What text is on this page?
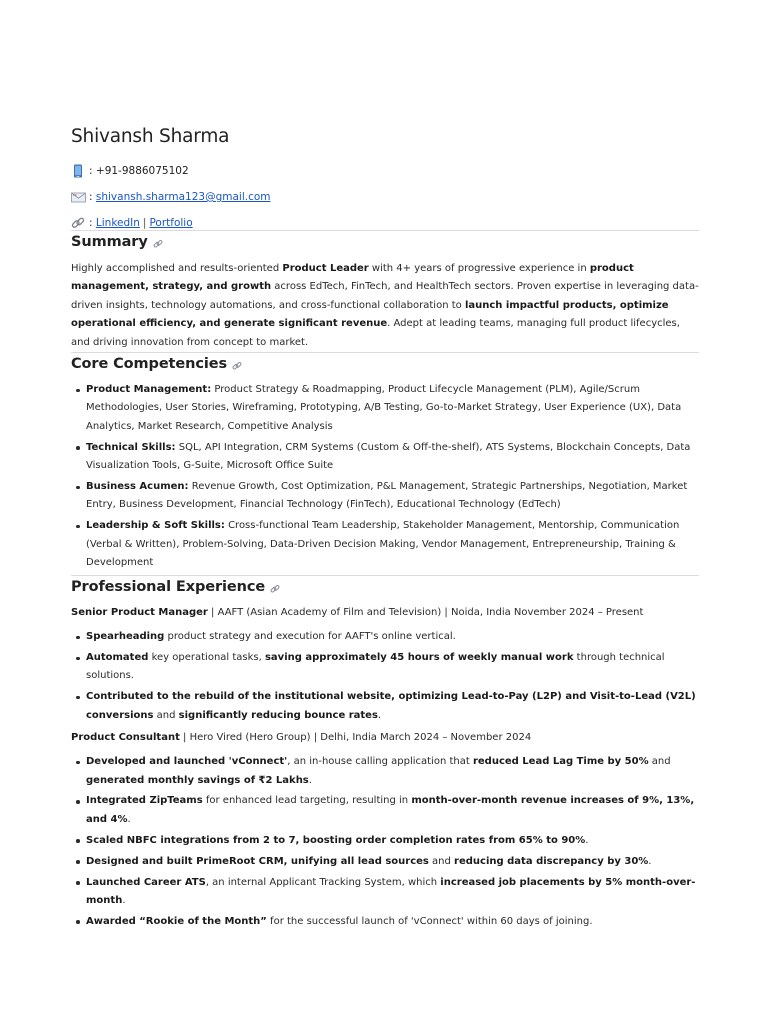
Shivansh Sharma

:
+91-9886075102

:
shivansh.sharma123@gmail.com

:
LinkedIn | Portfolio

Summary

Highly accomplished and results-oriented Product Leader with 4+ years of progressive experience in product management, strategy, and growth across EdTech, FinTech, and HealthTech sectors. Proven expertise in leveraging data-driven insights, technology automations, and cross-functional collaboration to launch impactful products, optimize operational efficiency, and generate significant revenue. Adept at leading teams, managing full product lifecycles, and driving innovation from concept to market.

Core Competencies
Product Management: Product Strategy & Roadmapping, Product Lifecycle Management (PLM), Agile/Scrum Methodologies, User Stories, Wireframing, Prototyping, A/B Testing, Go-to-Market Strategy, User Experience (UX), Data Analytics, Market Research, Competitive Analysis
Technical Skills: SQL, API Integration, CRM Systems (Custom & Off-the-shelf), ATS Systems, Blockchain Concepts, Data Visualization Tools, G-Suite, Microsoft Office Suite
Business Acumen: Revenue Growth, Cost Optimization, P&L Management, Strategic Partnerships, Negotiation, Market Entry, Business Development, Financial Technology (FinTech), Educational Technology (EdTech)
Leadership & Soft Skills: Cross-functional Team Leadership, Stakeholder Management, Mentorship, Communication (Verbal & Written), Problem-Solving, Data-Driven Decision Making, Vendor Management, Entrepreneurship, Training & Development
Professional Experience

Senior Product Manager | AAFT (Asian Academy of Film and Television) | Noida, India November 2024 – Present

Spearheading product strategy and execution for AAFT's online vertical.
Automated key operational tasks, saving approximately 45 hours of weekly manual work through technical solutions.
Contributed to the rebuild of the institutional website, optimizing Lead-to-Pay (L2P) and Visit-to-Lead (V2L) conversions and significantly reducing bounce rates.

Product Consultant | Hero Vired (Hero Group) | Delhi, India March 2024 – November 2024

Developed and launched 'vConnect', an in-house calling application that reduced Lead Lag Time by 50% and generated monthly savings of ₹2 Lakhs.
Integrated ZipTeams for enhanced lead targeting, resulting in month-over-month revenue increases of 9%, 13%, and 4%.
Scaled NBFC integrations from 2 to 7, boosting order completion rates from 65% to 90%.
Designed and built PrimeRoot CRM, unifying all lead sources and reducing data discrepancy by 30%.
Launched Career ATS, an internal Applicant Tracking System, which increased job placements by 5% month-over-month.
Awarded “Rookie of the Month” for the successful launch of 'vConnect' within 60 days of joining.
